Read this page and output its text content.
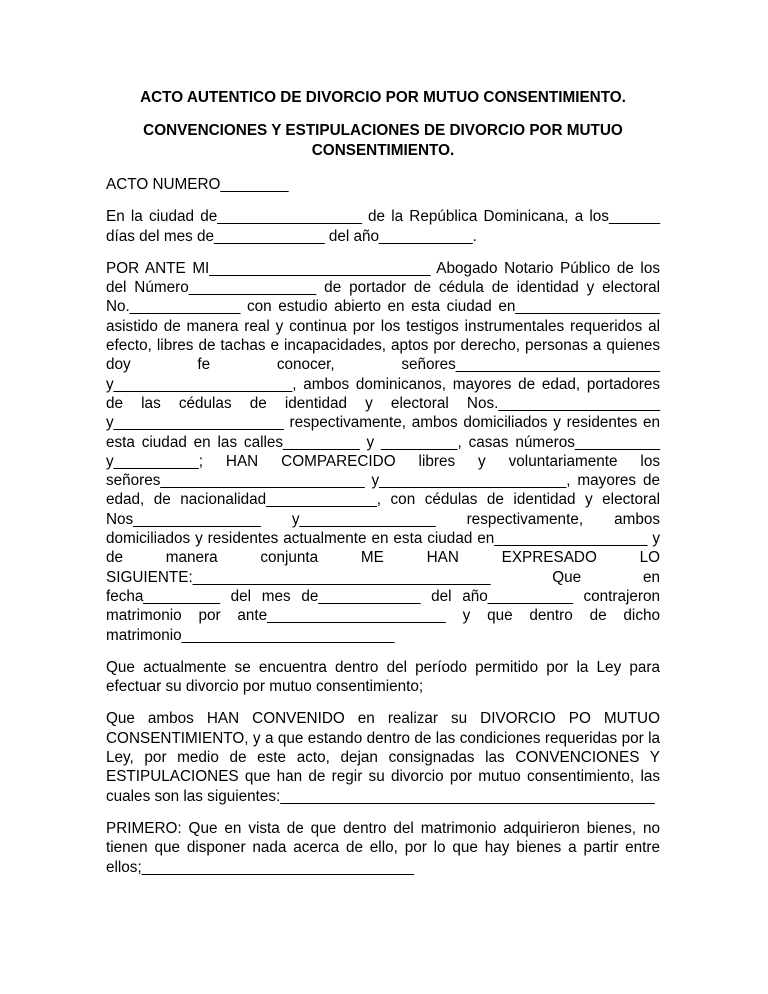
ACTO AUTENTICO DE DIVORCIO POR MUTUO CONSENTIMIENTO.

CONVENCIONES Y ESTIPULACIONES DE DIVORCIO POR MUTUO CONSENTIMIENTO.

ACTO NUMERO________

En la ciudad de_________________ de la República Dominicana, a los______ días del mes de_____________ del año___________.

POR ANTE MI__________________________ Abogado Notario Público de los del Número_______________ de portador de cédula de identidad y electoral No._____________ con estudio abierto en esta ciudad en_________________ asistido de manera real y continua por los testigos instrumentales requeridos al efecto, libres de tachas e incapacidades, aptos por derecho, personas a quienes doy fe conocer, señores________________________ y_____________________, ambos dominicanos, mayores de edad, portadores de las cédulas de identidad y electoral Nos.___________________ y____________________ respectivamente, ambos domiciliados y residentes en esta ciudad en las calles_________ y _________, casas números__________ y__________; HAN COMPARECIDO libres y voluntariamente los señores________________________ y______________________, mayores de edad, de nacionalidad_____________, con cédulas de identidad y electoral Nos_______________ y________________ respectivamente, ambos domiciliados y residentes actualmente en esta ciudad en__________________ y de manera conjunta ME HAN EXPRESADO LO SIGUIENTE:___________________________________ Que en fecha_________ del mes de____________ del año__________ contrajeron matrimonio por ante_____________________ y que dentro de dicho matrimonio_________________________

Que actualmente se encuentra dentro del período permitido por la Ley para efectuar su divorcio por mutuo consentimiento;

Que ambos HAN CONVENIDO en realizar su DIVORCIO PO MUTUO CONSENTIMIENTO, y a que estando dentro de las condiciones requeridas por la Ley, por medio de este acto, dejan consignadas las CONVENCIONES Y ESTIPULACIONES que han de regir su divorcio por mutuo consentimiento, las cuales son las siguientes:____________________________________________

PRIMERO: Que en vista de que dentro del matrimonio adquirieron bienes, no tienen que disponer nada acerca de ello, por lo que hay bienes a partir entre ellos;________________________________
